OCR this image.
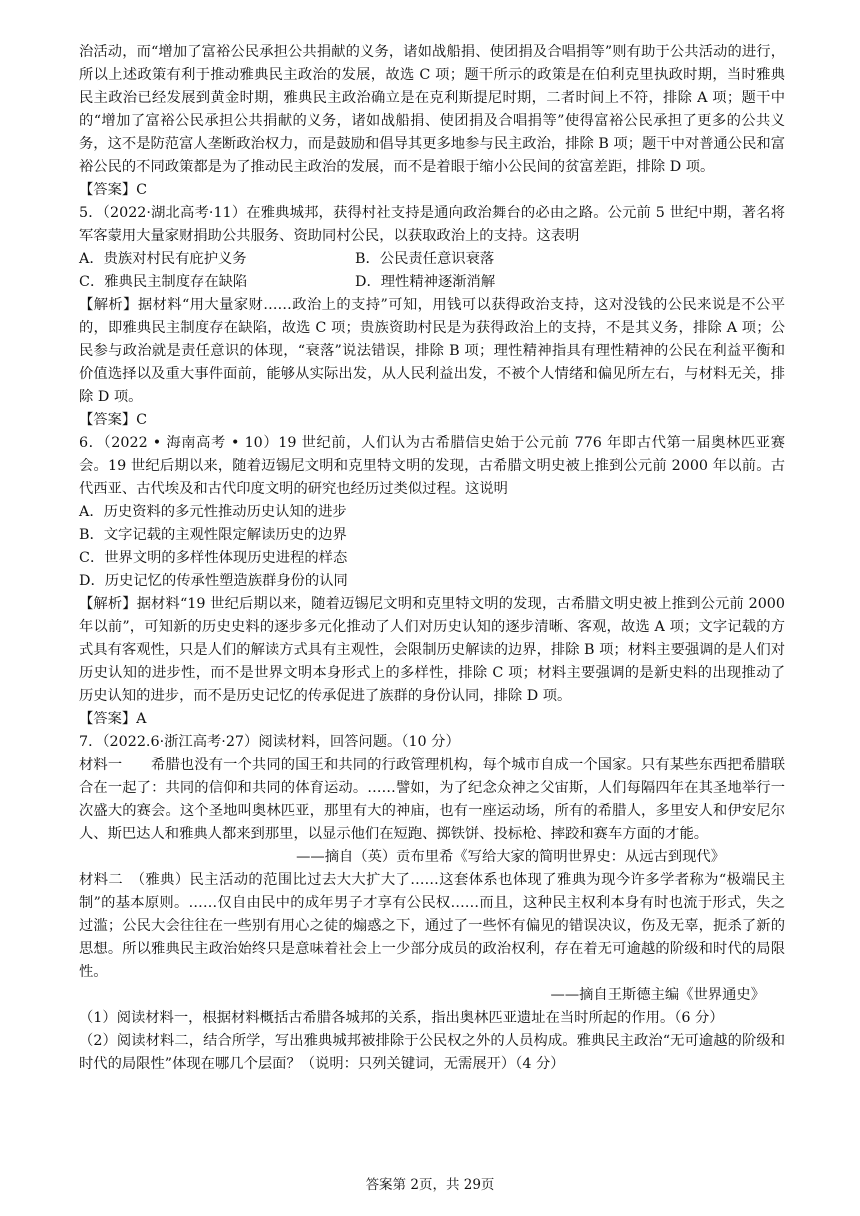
治活动，而“增加了富裕公民承担公共捐献的义务，诸如战船捐、使团捐及合唱捐等”则有助于公共活动的进行，所以上述政策有利于推动雅典民主政治的发展，故选 C 项；题干所示的政策是在伯利克里执政时期，当时雅典民主政治已经发展到黄金时期，雅典民主政治确立是在克利斯提尼时期，二者时间上不符，排除 A 项；题干中的“增加了富裕公民承担公共捐献的义务，诸如战船捐、使团捐及合唱捐等”使得富裕公民承担了更多的公共义务，这不是防范富人垄断政治权力，而是鼓励和倡导其更多地参与民主政治，排除 B 项；题干中对普通公民和富裕公民的不同政策都是为了推动民主政治的发展，而不是着眼于缩小公民间的贫富差距，排除 D 项。

【答案】C

5．（2022·湖北高考·11）在雅典城邦，获得村社支持是通向政治舞台的必由之路。公元前 5 世纪中期，著名将军客蒙用大量家财捐助公共服务、资助同村公民，以获取政治上的支持。这表明

A．贵族对村民有庇护义务	B．公民责任意识衰落
C．雅典民主制度存在缺陷	D．理性精神逐渐消解

【解析】据材料“用大量家财……政治上的支持”可知，用钱可以获得政治支持，这对没钱的公民来说是不公平的，即雅典民主制度存在缺陷，故选 C 项；贵族资助村民是为获得政治上的支持，不是其义务，排除 A 项；公民参与政治就是责任意识的体现，“衰落”说法错误，排除 B 项；理性精神指具有理性精神的公民在利益平衡和价值选择以及重大事件面前，能够从实际出发，从人民利益出发，不被个人情绪和偏见所左右，与材料无关，排除 D 项。

【答案】C

6．（2022 • 海南高考 • 10）19 世纪前，人们认为古希腊信史始于公元前 776 年即古代第一届奥林匹亚赛会。19 世纪后期以来，随着迈锡尼文明和克里特文明的发现，古希腊文明史被上推到公元前 2000 年以前。古代西亚、古代埃及和古代印度文明的研究也经历过类似过程。这说明

A．历史资料的多元性推动历史认知的进步

B．文字记载的主观性限定解读历史的边界

C．世界文明的多样性体现历史进程的样态

D．历史记忆的传承性塑造族群身份的认同

【解析】据材料“19 世纪后期以来，随着迈锡尼文明和克里特文明的发现，古希腊文明史被上推到公元前 2000 年以前”，可知新的历史史料的逐步多元化推动了人们对历史认知的逐步清晰、客观，故选 A 项；文字记载的方式具有客观性，只是人们的解读方式具有主观性，会限制历史解读的边界，排除 B 项；材料主要强调的是人们对历史认知的进步性，而不是世界文明本身形式上的多样性，排除 C 项；材料主要强调的是新史料的出现推动了历史认知的进步，而不是历史记忆的传承促进了族群的身份认同，排除 D 项。

【答案】A

7．（2022.6·浙江高考·27）阅读材料，回答问题。（10 分）

材料一　　希腊也没有一个共同的国王和共同的行政管理机构，每个城市自成一个国家。只有某些东西把希腊联合在一起了：共同的信仰和共同的体育运动。……譬如，为了纪念众神之父宙斯，人们每隔四年在其圣地举行一次盛大的赛会。这个圣地叫奥林匹亚，那里有大的神庙，也有一座运动场，所有的希腊人，多里安人和伊安尼尔人、斯巴达人和雅典人都来到那里，以显示他们在短跑、掷铁饼、投标枪、摔跤和赛车方面的才能。

——摘自（英）贡布里希《写给大家的简明世界史：从远古到现代》

材料二　（雅典）民主活动的范围比过去大大扩大了……这套体系也体现了雅典为现今许多学者称为“极端民主制”的基本原则。……仅自由民中的成年男子才享有公民权……而且，这种民主权利本身有时也流于形式，失之过滥；公民大会往往在一些别有用心之徒的煽惑之下，通过了一些怀有偏见的错误决议，伤及无辜，扼杀了新的思想。所以雅典民主政治始终只是意味着社会上一少部分成员的政治权利，存在着无可逾越的阶级和时代的局限性。

——摘自王斯德主编《世界通史》

（1）阅读材料一，根据材料概括古希腊各城邦的关系，指出奥林匹亚遗址在当时所起的作用。（6 分）

（2）阅读材料二，结合所学，写出雅典城邦被排除于公民权之外的人员构成。雅典民主政治“无可逾越的阶级和时代的局限性”体现在哪几个层面？（说明：只列关键词，无需展开）（4 分）

答案第 2页，共 29页
